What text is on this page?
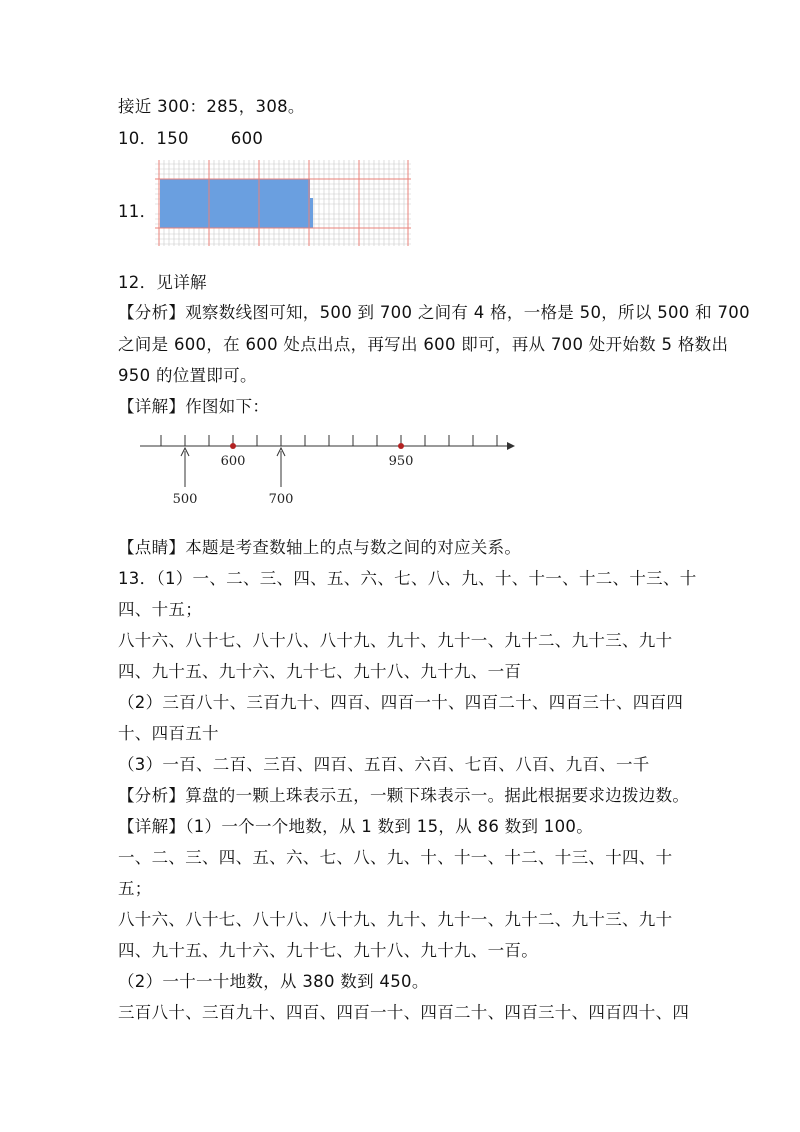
接近 300：285，308。

10．150	600

11．

12．见详解

【分析】观察数线图可知，500 到 700 之间有 4 格，一格是 50，所以 500 和 700

之间是 600，在 600 处点出点，再写出 600 即可，再从 700 处开始数 5 格数出

950 的位置即可。

【详解】作图如下：

600	950
500	700

【点睛】本题是考查数轴上的点与数之间的对应关系。

13．（1）一、二、三、四、五、六、七、八、九、十、十一、十二、十三、十

四、十五；

八十六、八十七、八十八、八十九、九十、九十一、九十二、九十三、九十

四、九十五、九十六、九十七、九十八、九十九、一百

（2）三百八十、三百九十、四百、四百一十、四百二十、四百三十、四百四

十、四百五十

（3）一百、二百、三百、四百、五百、六百、七百、八百、九百、一千

【分析】算盘的一颗上珠表示五，一颗下珠表示一。据此根据要求边拨边数。

【详解】（1）一个一个地数，从 1 数到 15，从 86 数到 100。

一、二、三、四、五、六、七、八、九、十、十一、十二、十三、十四、十

五；

八十六、八十七、八十八、八十九、九十、九十一、九十二、九十三、九十

四、九十五、九十六、九十七、九十八、九十九、一百。

（2）一十一十地数，从 380 数到 450。

三百八十、三百九十、四百、四百一十、四百二十、四百三十、四百四十、四
